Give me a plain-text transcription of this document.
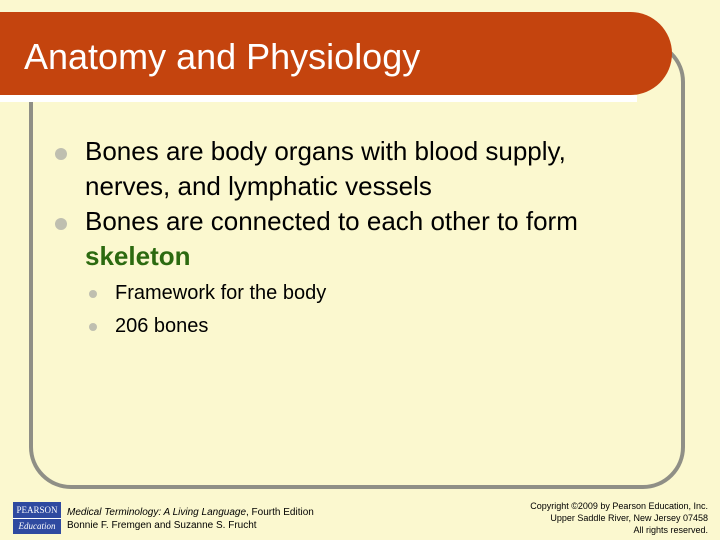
Anatomy and Physiology
Bones are body organs with blood supply, nerves, and lymphatic vessels
Bones are connected to each other to form skeleton
Framework for the body
206 bones
PEARSON
Education
Medical Terminology: A Living Language, Fourth Edition
Bonnie F. Fremgen and Suzanne S. Frucht
Copyright ©2009 by Pearson Education, Inc.
Upper Saddle River, New Jersey 07458
All rights reserved.
